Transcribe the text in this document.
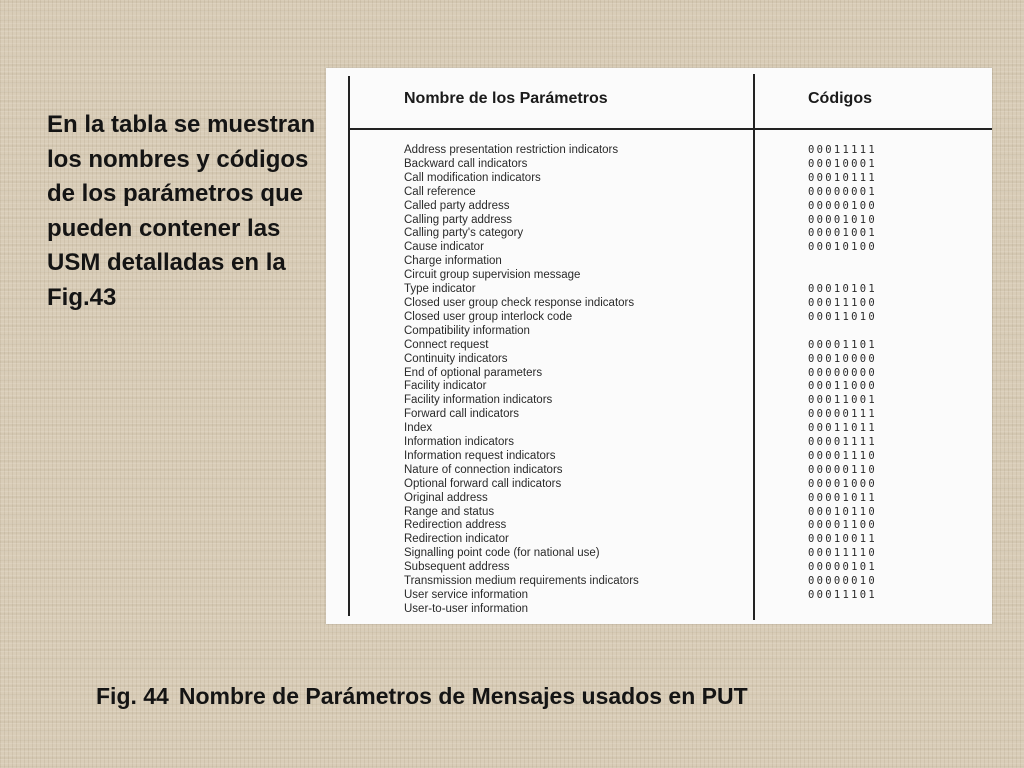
En la tabla se muestran los nombres y códigos de los parámetros que pueden contener las USM detalladas en la Fig.43

Nombre de los Parámetros	Códigos
Address presentation restriction indicators	00011111
Backward call indicators	00010001
Call modification indicators	00010111
Call reference	00000001
Called party address	00000100
Calling party address	00001010
Calling party's category	00001001
Cause indicator	00010100
Charge information
Circuit group supervision message
Type indicator	00010101
Closed user group check response indicators	00011100
Closed user group interlock code	00011010
Compatibility information
Connect request	00001101
Continuity indicators	00010000
End of optional parameters	00000000
Facility indicator	00011000
Facility information indicators	00011001
Forward call indicators	00000111
Index	00011011
Information indicators	00001111
Information request indicators	00001110
Nature of connection indicators	00000110
Optional forward call indicators	00001000
Original address	00001011
Range and status	00010110
Redirection address	00001100
Redirection indicator	00010011
Signalling point code (for national use)	00011110
Subsequent address	00000101
Transmission medium requirements indicators	00000010
User service information	00011101
User-to-user information
Fig. 44 Nombre de Parámetros de Mensajes usados en PUT
